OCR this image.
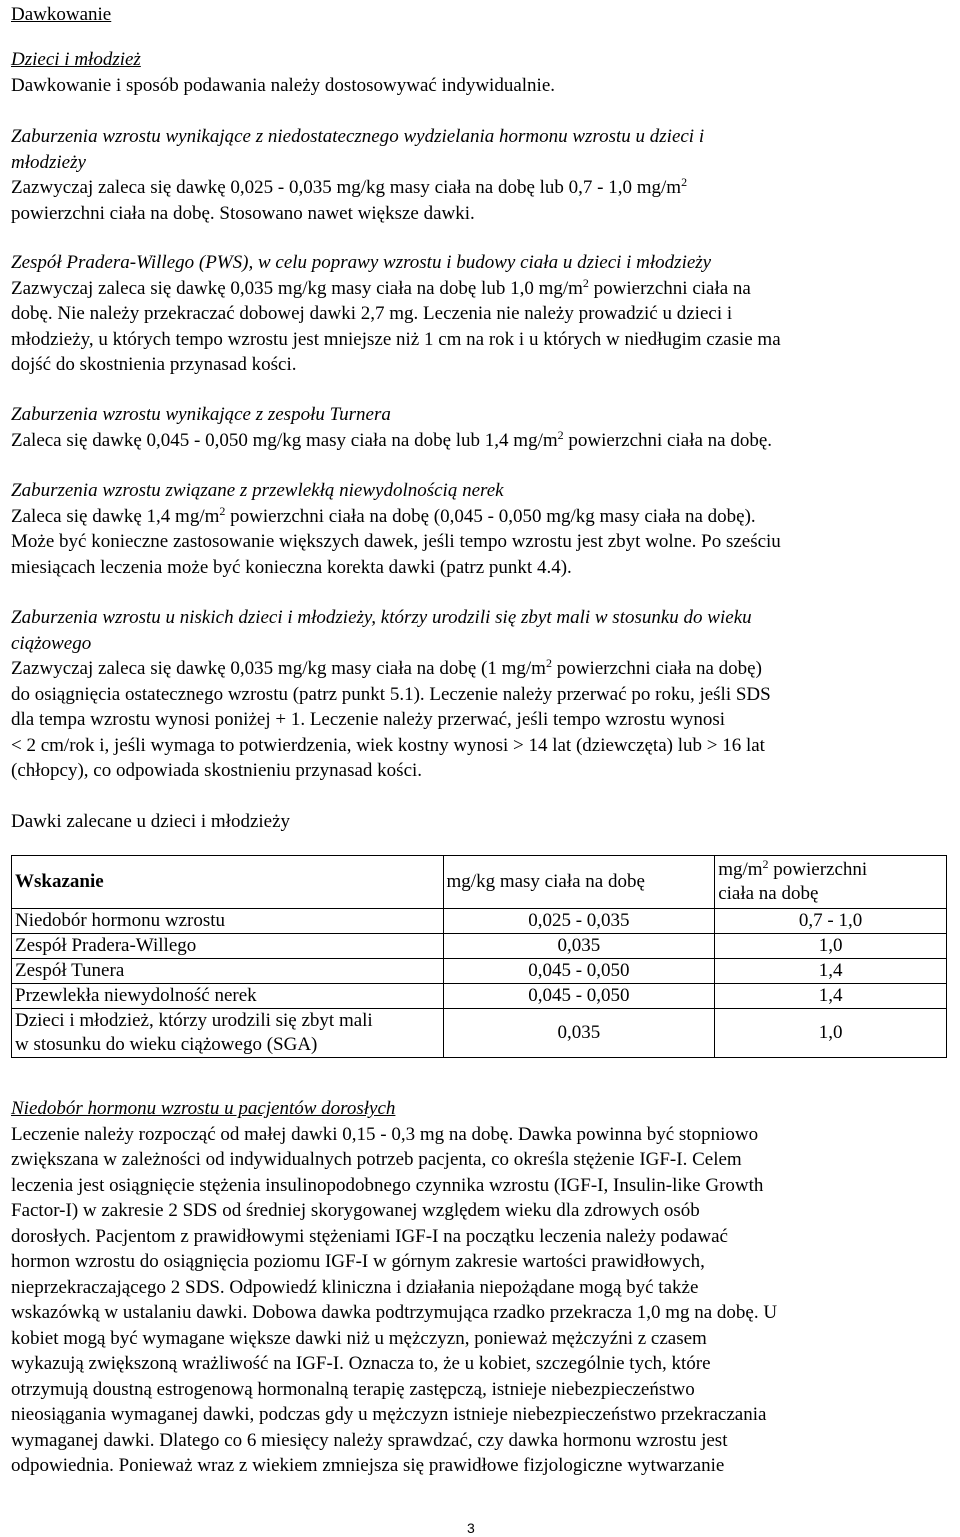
Dawkowanie

Dzieci i młodzież

Dawkowanie i sposób podawania należy dostosowywać indywidualnie.

Zaburzenia wzrostu wynikające z niedostatecznego wydzielania hormonu wzrostu u dzieci i

młodzieży

Zazwyczaj zaleca się dawkę 0,025 - 0,035 mg/kg masy ciała na dobę lub 0,7 - 1,0 $mg/m^2$

powierzchni ciała na dobę. Stosowano nawet większe dawki.

Zespół Pradera-Willego (PWS), w celu poprawy wzrostu i budowy ciała u dzieci i młodzieży

Zazwyczaj zaleca się dawkę 0,035 mg/kg masy ciała na dobę lub 1,0 $mg/m^2$ powierzchni ciała na

dobę. Nie należy przekraczać dobowej dawki 2,7 mg. Leczenia nie należy prowadzić u dzieci i

młodzieży, u których tempo wzrostu jest mniejsze niż 1 cm na rok i u których w niedługim czasie ma

dojść do skostnienia przynasad kości.

Zaburzenia wzrostu wynikające z zespołu Turnera

Zaleca się dawkę 0,045 - 0,050 mg/kg masy ciała na dobę lub 1,4 $mg/m^2$ powierzchni ciała na dobę.

Zaburzenia wzrostu związane z przewlekłą niewydolnością nerek

Zaleca się dawkę 1,4 $mg/m^2$ powierzchni ciała na dobę (0,045 - 0,050 mg/kg masy ciała na dobę).

Może być konieczne zastosowanie większych dawek, jeśli tempo wzrostu jest zbyt wolne. Po sześciu

miesiącach leczenia może być konieczna korekta dawki (patrz punkt 4.4).

Zaburzenia wzrostu u niskich dzieci i młodzieży, którzy urodzili się zbyt mali w stosunku do wieku

ciążowego

Zazwyczaj zaleca się dawkę 0,035 mg/kg masy ciała na dobę (1 $mg/m^2$ powierzchni ciała na dobę)

do osiągnięcia ostatecznego wzrostu (patrz punkt 5.1). Leczenie należy przerwać po roku, jeśli SDS

dla tempa wzrostu wynosi poniżej + 1. Leczenie należy przerwać, jeśli tempo wzrostu wynosi

< 2 cm/rok i, jeśli wymaga to potwierdzenia, wiek kostny wynosi > 14 lat (dziewczęta) lub > 16 lat

(chłopcy), co odpowiada skostnieniu przynasad kości.

Dawki zalecane u dzieci i młodzieży

Wskazanie	mg/kg masy ciała na dobę	$mg/m^2$ powierzchni
ciała na dobę
Niedobór hormonu wzrostu	0,025 - 0,035	0,7 - 1,0
Zespół Pradera-Willego	0,035	1,0
Zespół Tunera	0,045 - 0,050	1,4
Przewlekła niewydolność nerek	0,045 - 0,050	1,4
Dzieci i młodzież, którzy urodzili się zbyt mali
w stosunku do wieku ciążowego (SGA)	0,035	1,0

Niedobór hormonu wzrostu u pacjentów dorosłych

Leczenie należy rozpocząć od małej dawki 0,15 - 0,3 mg na dobę. Dawka powinna być stopniowo

zwiększana w zależności od indywidualnych potrzeb pacjenta, co określa stężenie IGF-I. Celem

leczenia jest osiągnięcie stężenia insulinopodobnego czynnika wzrostu (IGF-I, Insulin-like Growth

Factor-I) w zakresie 2 SDS od średniej skorygowanej względem wieku dla zdrowych osób

dorosłych. Pacjentom z prawidłowymi stężeniami IGF-I na początku leczenia należy podawać

hormon wzrostu do osiągnięcia poziomu IGF-I w górnym zakresie wartości prawidłowych,

nieprzekraczającego 2 SDS. Odpowiedź kliniczna i działania niepożądane mogą być także

wskazówką w ustalaniu dawki. Dobowa dawka podtrzymująca rzadko przekracza 1,0 mg na dobę. U

kobiet mogą być wymagane większe dawki niż u mężczyzn, ponieważ mężczyźni z czasem

wykazują zwiększoną wrażliwość na IGF-I. Oznacza to, że u kobiet, szczególnie tych, które

otrzymują doustną estrogenową hormonalną terapię zastępczą, istnieje niebezpieczeństwo

nieosiągania wymaganej dawki, podczas gdy u mężczyzn istnieje niebezpieczeństwo przekraczania

wymaganej dawki. Dlatego co 6 miesięcy należy sprawdzać, czy dawka hormonu wzrostu jest

odpowiednia. Ponieważ wraz z wiekiem zmniejsza się prawidłowe fizjologiczne wytwarzanie

3
